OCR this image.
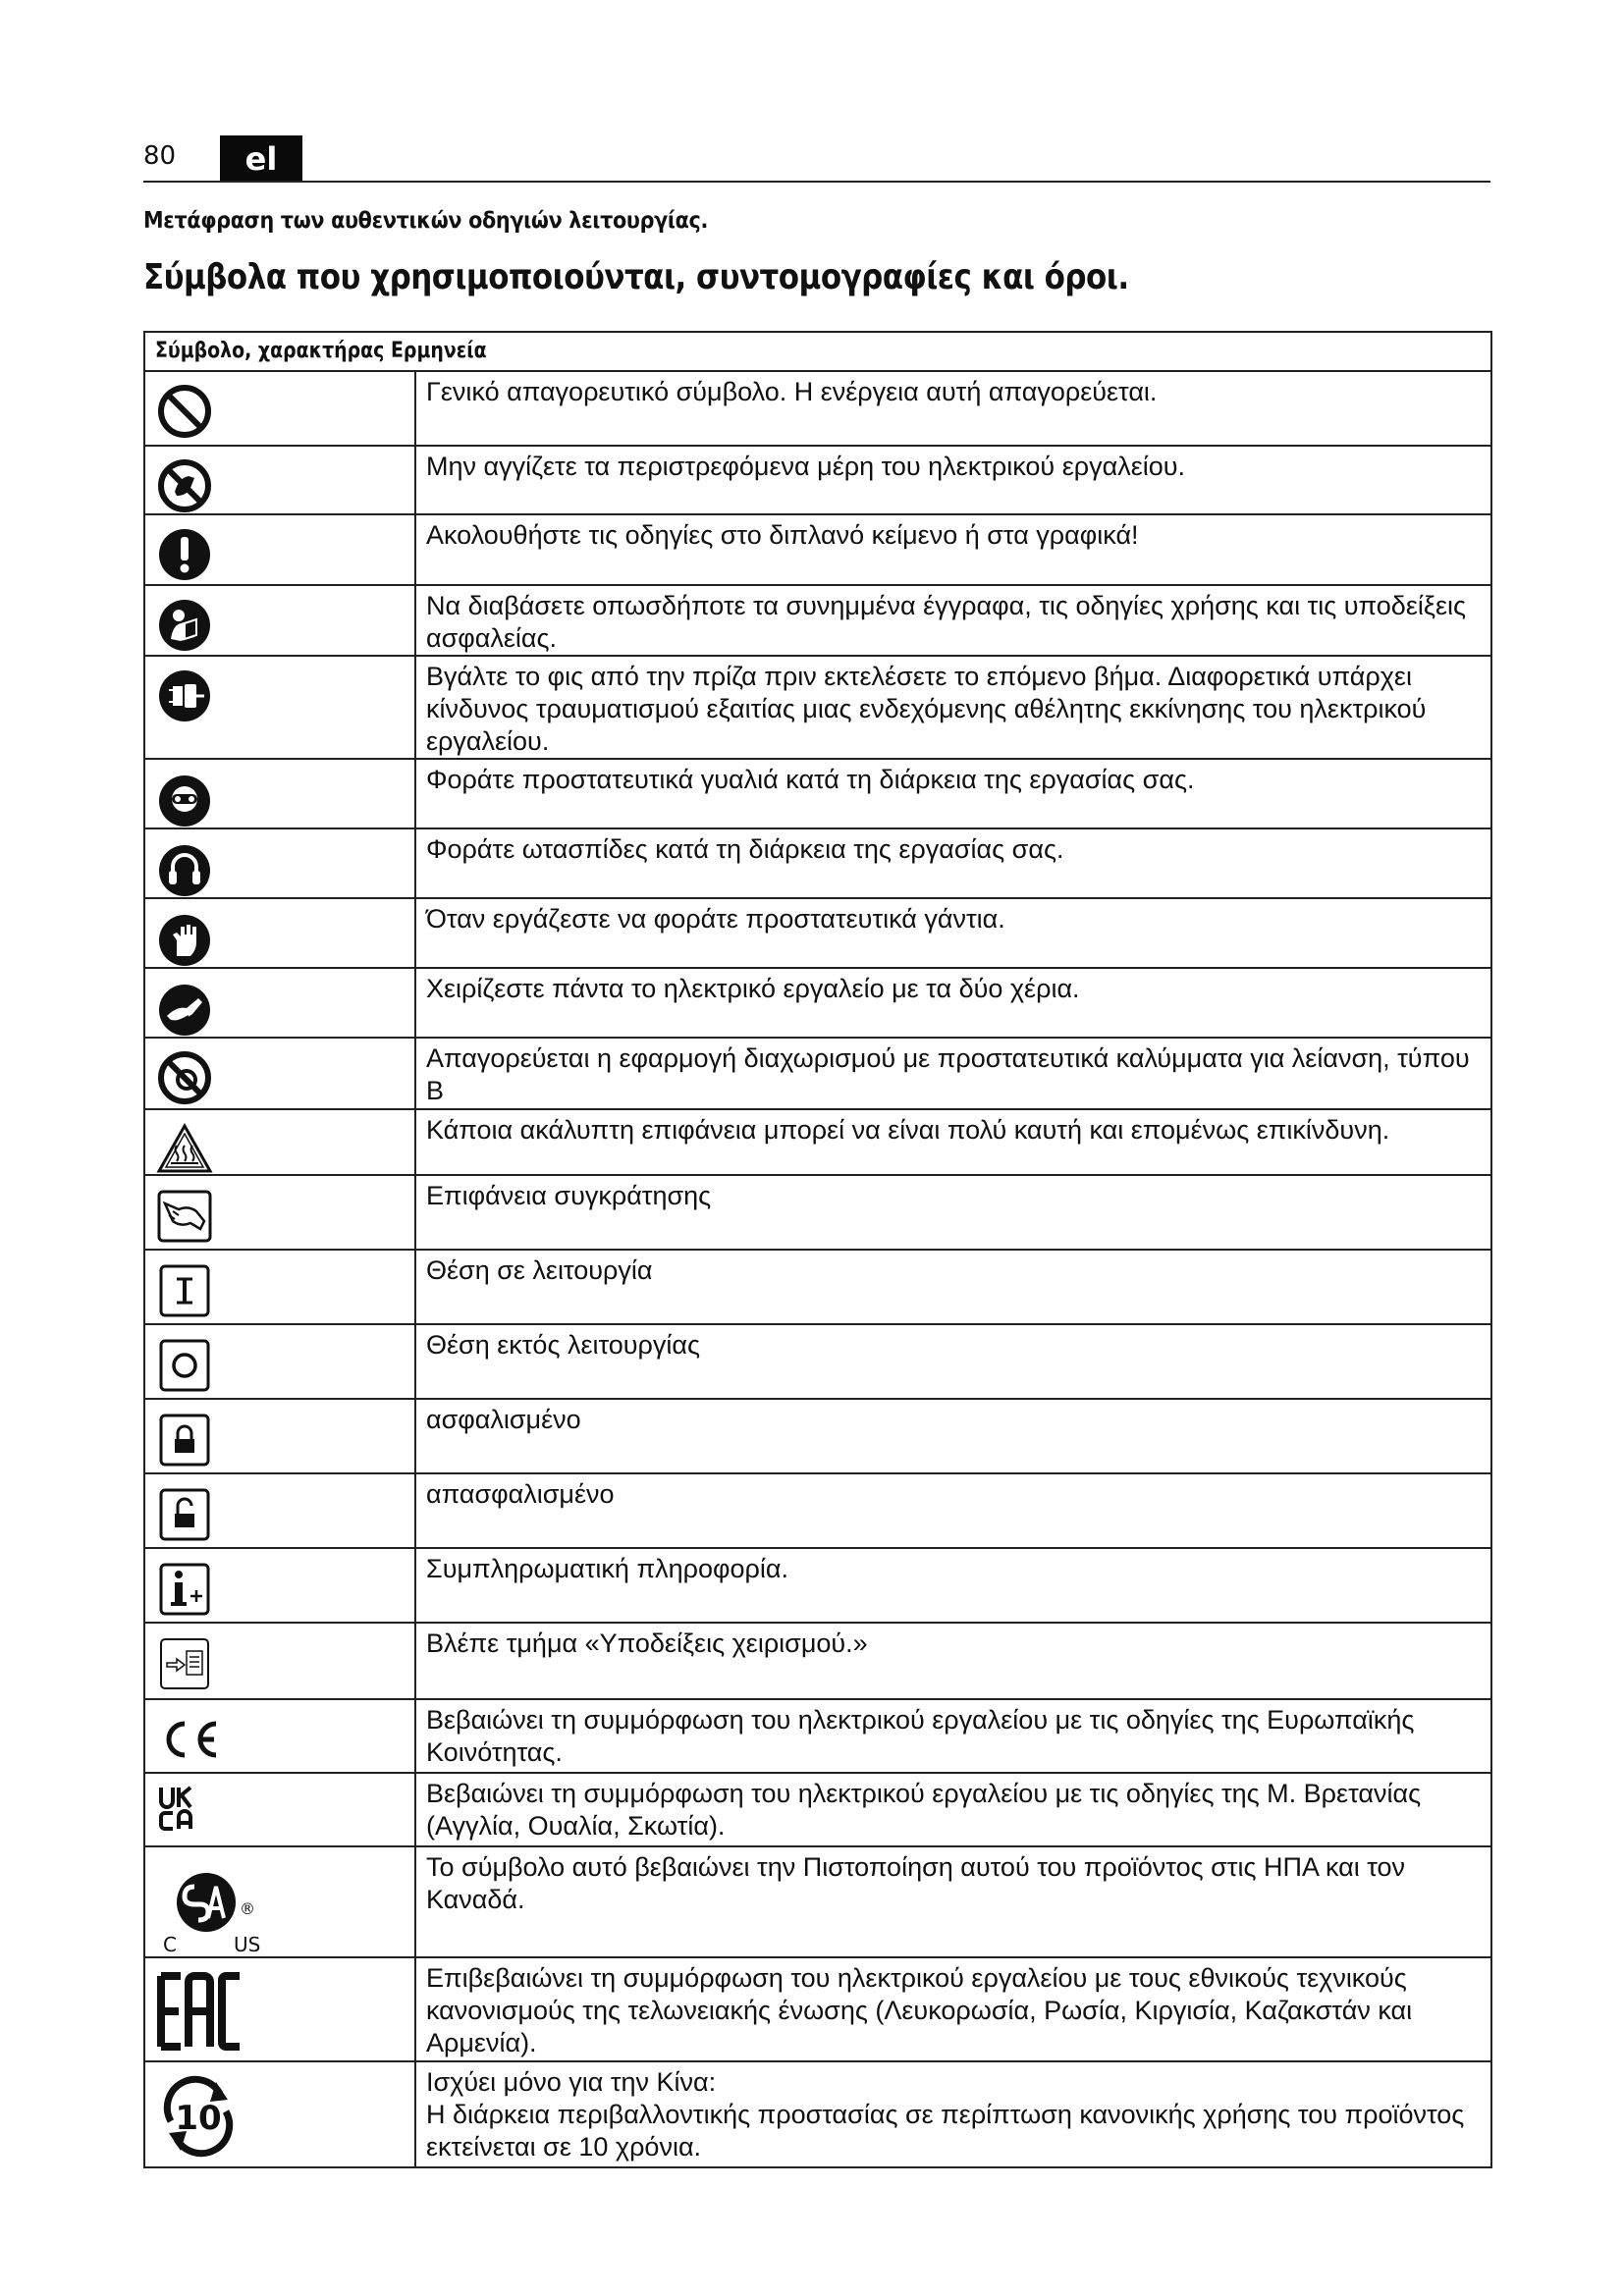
80	el
Μετάφραση των αυθεντικών οδηγιών λειτουργίας.
Σύμβολα που χρησιμοποιούνται, συντομογραφίες και όροι.
Σύμβολο, χαρακτήρας Ερμηνεία	

	Γενικό απαγορευτικό σύμβολο. Η ενέργεια αυτή απαγορεύεται.

	Μην αγγίζετε τα περιστρεφόμενα μέρη του ηλεκτρικού εργαλείου.

	Ακολουθήστε τις οδηγίες στο διπλανό κείμενο ή στα γραφικά!

	Να διαβάσετε οπωσδήποτε τα συνημμένα έγγραφα, τις οδηγίες χρήσης και τις υποδείξεις ασφαλείας.

	Βγάλτε το φις από την πρίζα πριν εκτελέσετε το επόμενο βήμα. Διαφορετικά υπάρχει κίνδυνος τραυματισμού εξαιτίας μιας ενδεχόμενης αθέλητης εκκίνησης του ηλεκτρικού εργαλείου.

	Φοράτε προστατευτικά γυαλιά κατά τη διάρκεια της εργασίας σας.

	Φοράτε ωτασπίδες κατά τη διάρκεια της εργασίας σας.

	Όταν εργάζεστε να φοράτε προστατευτικά γάντια.

	Χειρίζεστε πάντα το ηλεκτρικό εργαλείο με τα δύο χέρια.

	Απαγορεύεται η εφαρμογή διαχωρισμού με προστατευτικά καλύμματα για λείανση, τύπου Β

	Κάποια ακάλυπτη επιφάνεια μπορεί να είναι πολύ καυτή και επομένως επικίνδυνη.

	Επιφάνεια συγκράτησης

	Θέση σε λειτουργία

	Θέση εκτός λειτουργίας

	ασφαλισμένο

	απασφαλισμένο

	Συμπληρωματική πληροφορία.

	Βλέπε τμήμα «Υποδείξεις χειρισμού.»

	Βεβαιώνει τη συμμόρφωση του ηλεκτρικού εργαλείου με τις οδηγίες της Ευρωπαϊκής Κοινότητας.

	Βεβαιώνει τη συμμόρφωση του ηλεκτρικού εργαλείου με τις οδηγίες της Μ. Βρετανίας (Αγγλία, Ουαλία, Σκωτία).

®
C US	Το σύμβολο αυτό βεβαιώνει την Πιστοποίηση αυτού του προϊόντος στις ΗΠΑ και τον Καναδά.

	Επιβεβαιώνει τη συμμόρφωση του ηλεκτρικού εργαλείου με τους εθνικούς τεχνικούς κανονισμούς της τελωνειακής ένωσης (Λευκορωσία, Ρωσία, Κιργισία, Καζακστάν και Αρμενία).

10	Ισχύει μόνο για την Κίνα:
Η διάρκεια περιβαλλοντικής προστασίας σε περίπτωση κανονικής χρήσης του προϊόντος εκτείνεται σε 10 χρόνια.
